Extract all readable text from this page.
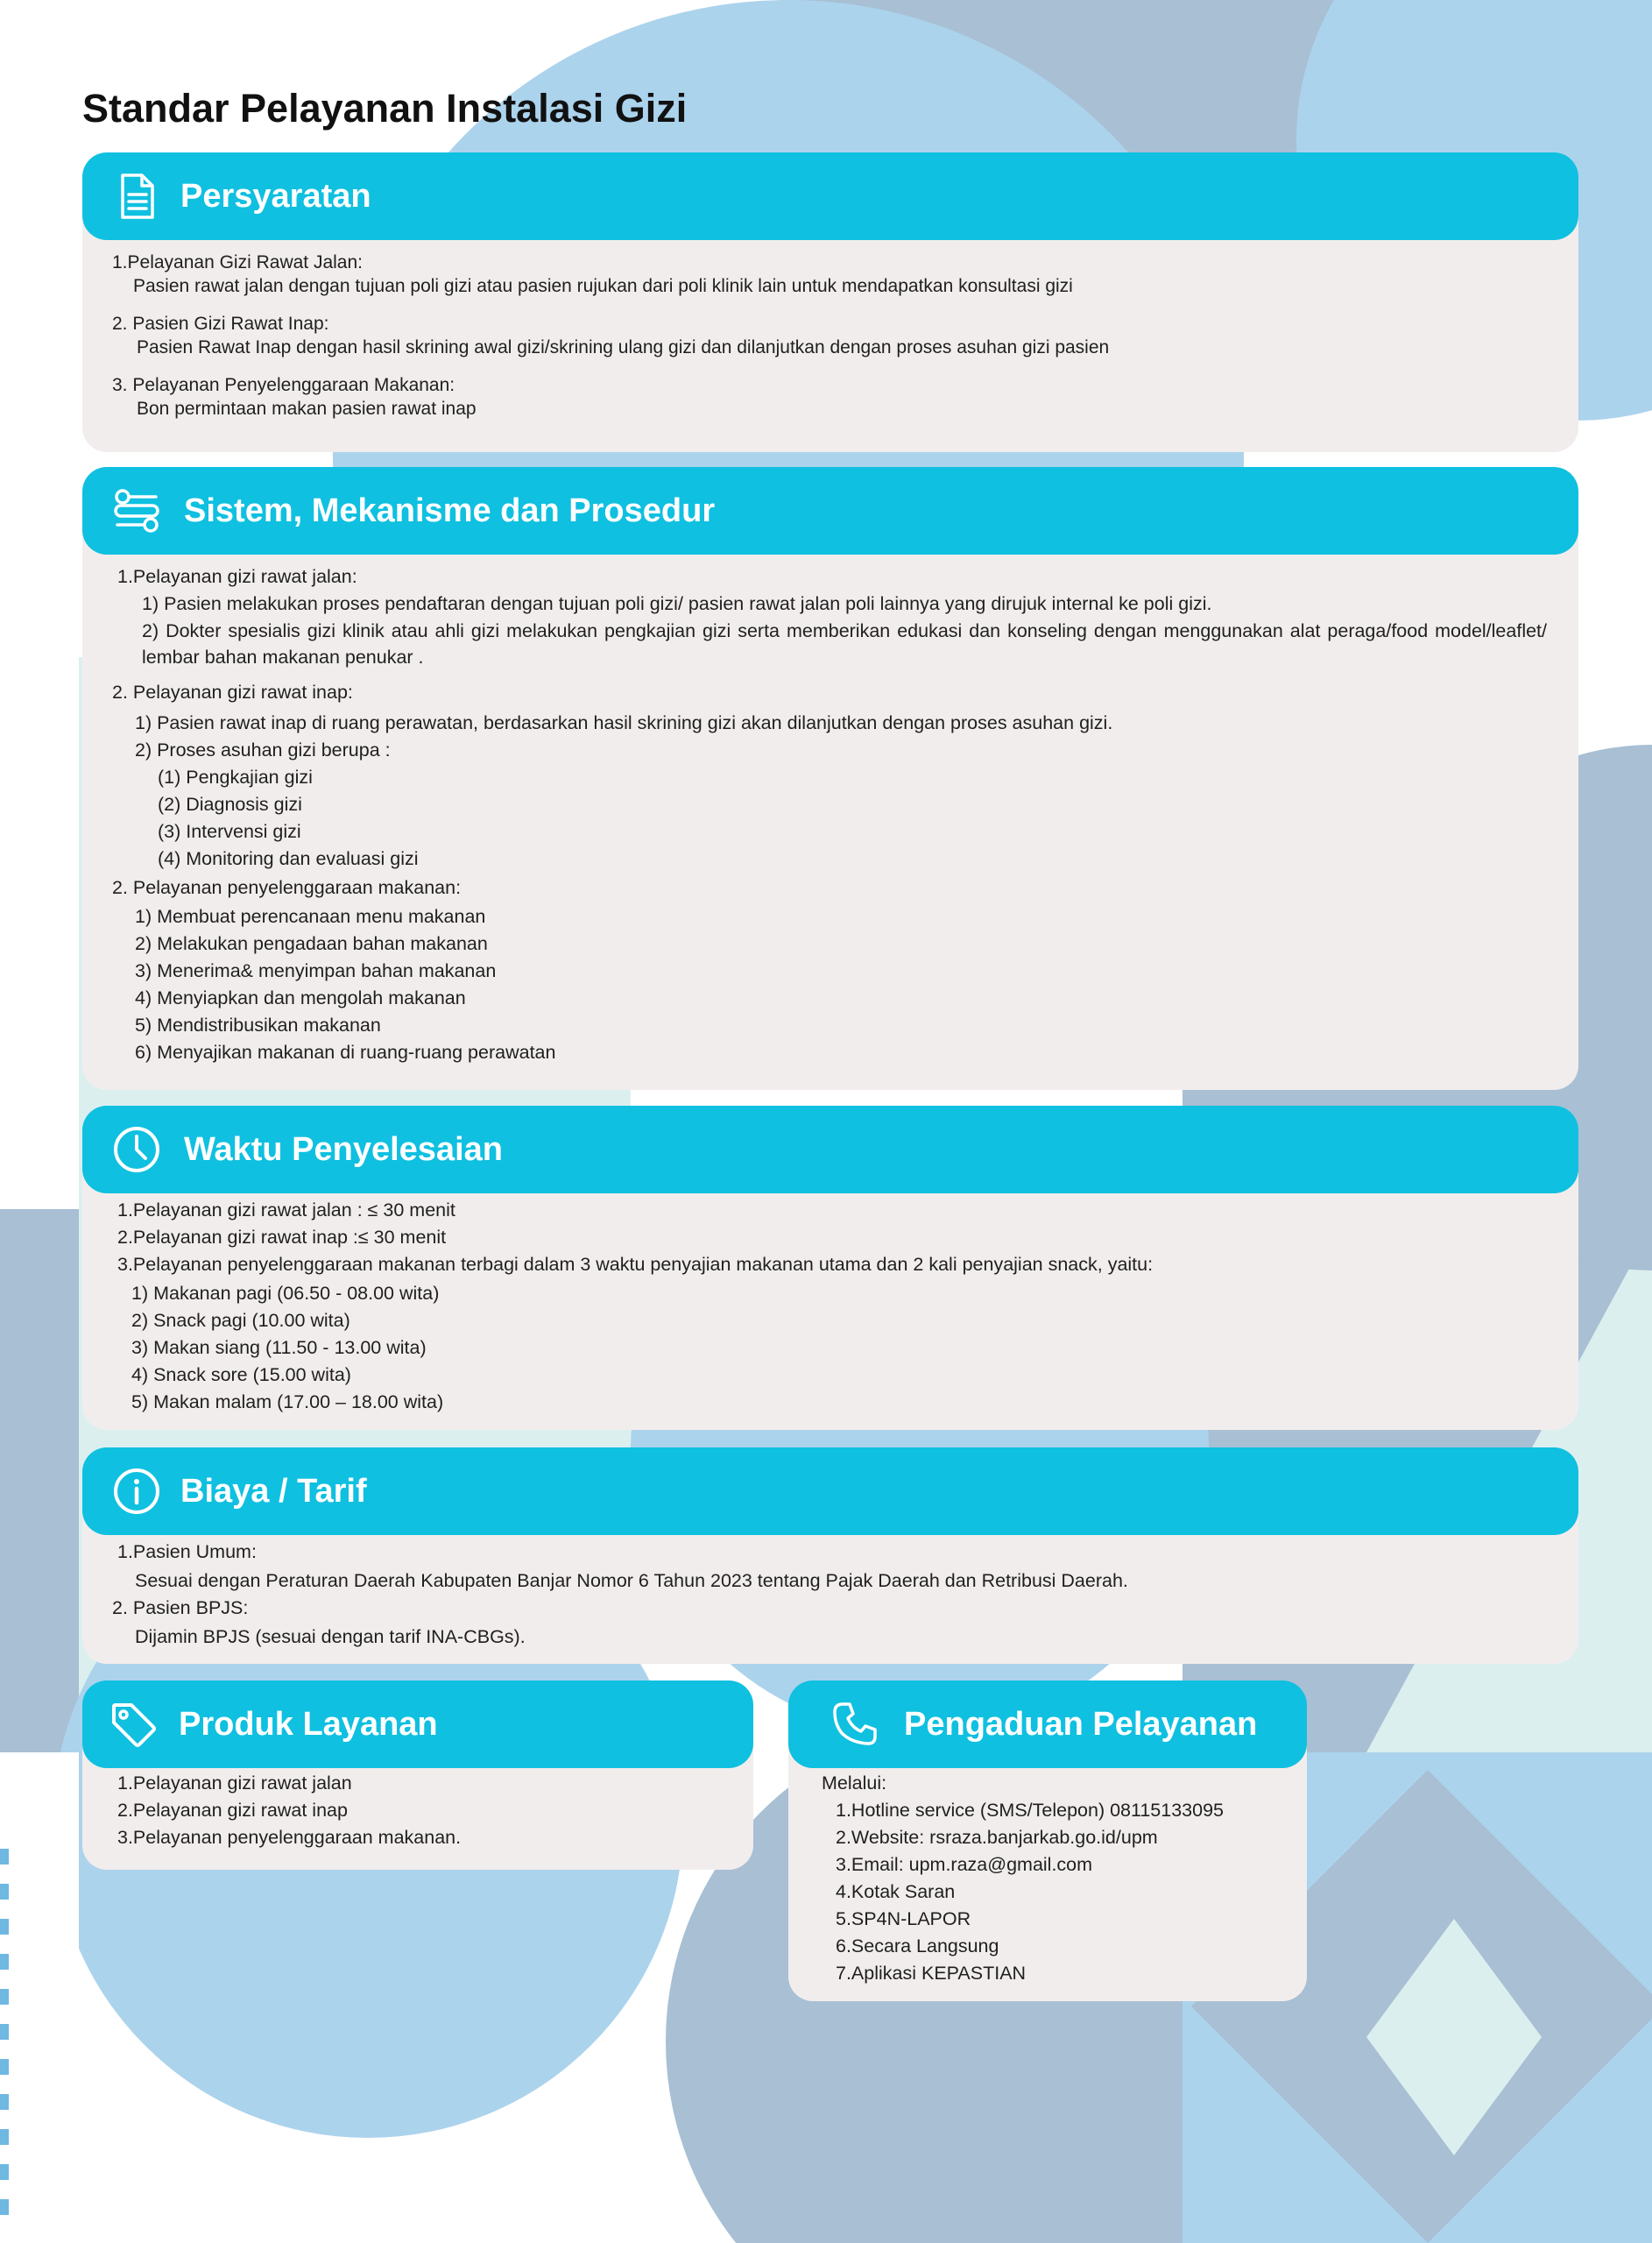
Standar Pelayanan Instalasi Gizi
Persyaratan
1.Pelayanan Gizi Rawat Jalan:
Pasien rawat jalan dengan tujuan poli gizi atau pasien rujukan dari poli klinik lain untuk mendapatkan konsultasi gizi
2. Pasien Gizi Rawat Inap:
Pasien Rawat Inap dengan hasil skrining awal gizi/skrining ulang gizi dan dilanjutkan dengan proses asuhan gizi pasien
3. Pelayanan Penyelenggaraan Makanan:
Bon permintaan makan pasien rawat inap
Sistem, Mekanisme dan Prosedur
1.Pelayanan gizi rawat jalan:
1) Pasien melakukan proses pendaftaran dengan tujuan poli gizi/ pasien rawat jalan poli lainnya yang dirujuk internal ke poli gizi.
2) Dokter spesialis gizi klinik atau ahli gizi melakukan pengkajian gizi serta memberikan edukasi dan konseling dengan menggunakan alat peraga/food model/leaflet/ lembar bahan makanan penukar .
2. Pelayanan gizi rawat inap:
1) Pasien rawat inap di ruang perawatan, berdasarkan hasil skrining gizi akan dilanjutkan dengan proses asuhan gizi.
2) Proses asuhan gizi berupa :
(1) Pengkajian gizi
(2) Diagnosis gizi
(3) Intervensi gizi
(4) Monitoring dan evaluasi gizi
2. Pelayanan penyelenggaraan makanan:
1) Membuat perencanaan menu makanan
2) Melakukan pengadaan bahan makanan
3) Menerima& menyimpan bahan makanan
4) Menyiapkan dan mengolah makanan
5) Mendistribusikan makanan
6) Menyajikan makanan di ruang-ruang perawatan
Waktu Penyelesaian
1.Pelayanan gizi rawat jalan : ≤ 30 menit
2.Pelayanan gizi rawat inap :≤ 30 menit
3.Pelayanan penyelenggaraan makanan terbagi dalam 3 waktu penyajian makanan utama dan 2 kali penyajian snack, yaitu:
1) Makanan pagi (06.50 - 08.00 wita)
2) Snack pagi (10.00 wita)
3) Makan siang (11.50 - 13.00 wita)
4) Snack sore (15.00 wita)
5) Makan malam (17.00 – 18.00 wita)
Biaya / Tarif
1.Pasien Umum:
Sesuai dengan Peraturan Daerah Kabupaten Banjar Nomor 6 Tahun 2023 tentang Pajak Daerah dan Retribusi Daerah.
2. Pasien BPJS:
Dijamin BPJS (sesuai dengan tarif INA-CBGs).
Produk Layanan
1.Pelayanan gizi rawat jalan
2.Pelayanan gizi rawat inap
3.Pelayanan penyelenggaraan makanan.
Pengaduan Pelayanan
Melalui:
1.Hotline service (SMS/Telepon) 08115133095
2.Website: rsraza.banjarkab.go.id/upm
3.Email: upm.raza@gmail.com
4.Kotak Saran
5.SP4N-LAPOR
6.Secara Langsung
7.Aplikasi KEPASTIAN
